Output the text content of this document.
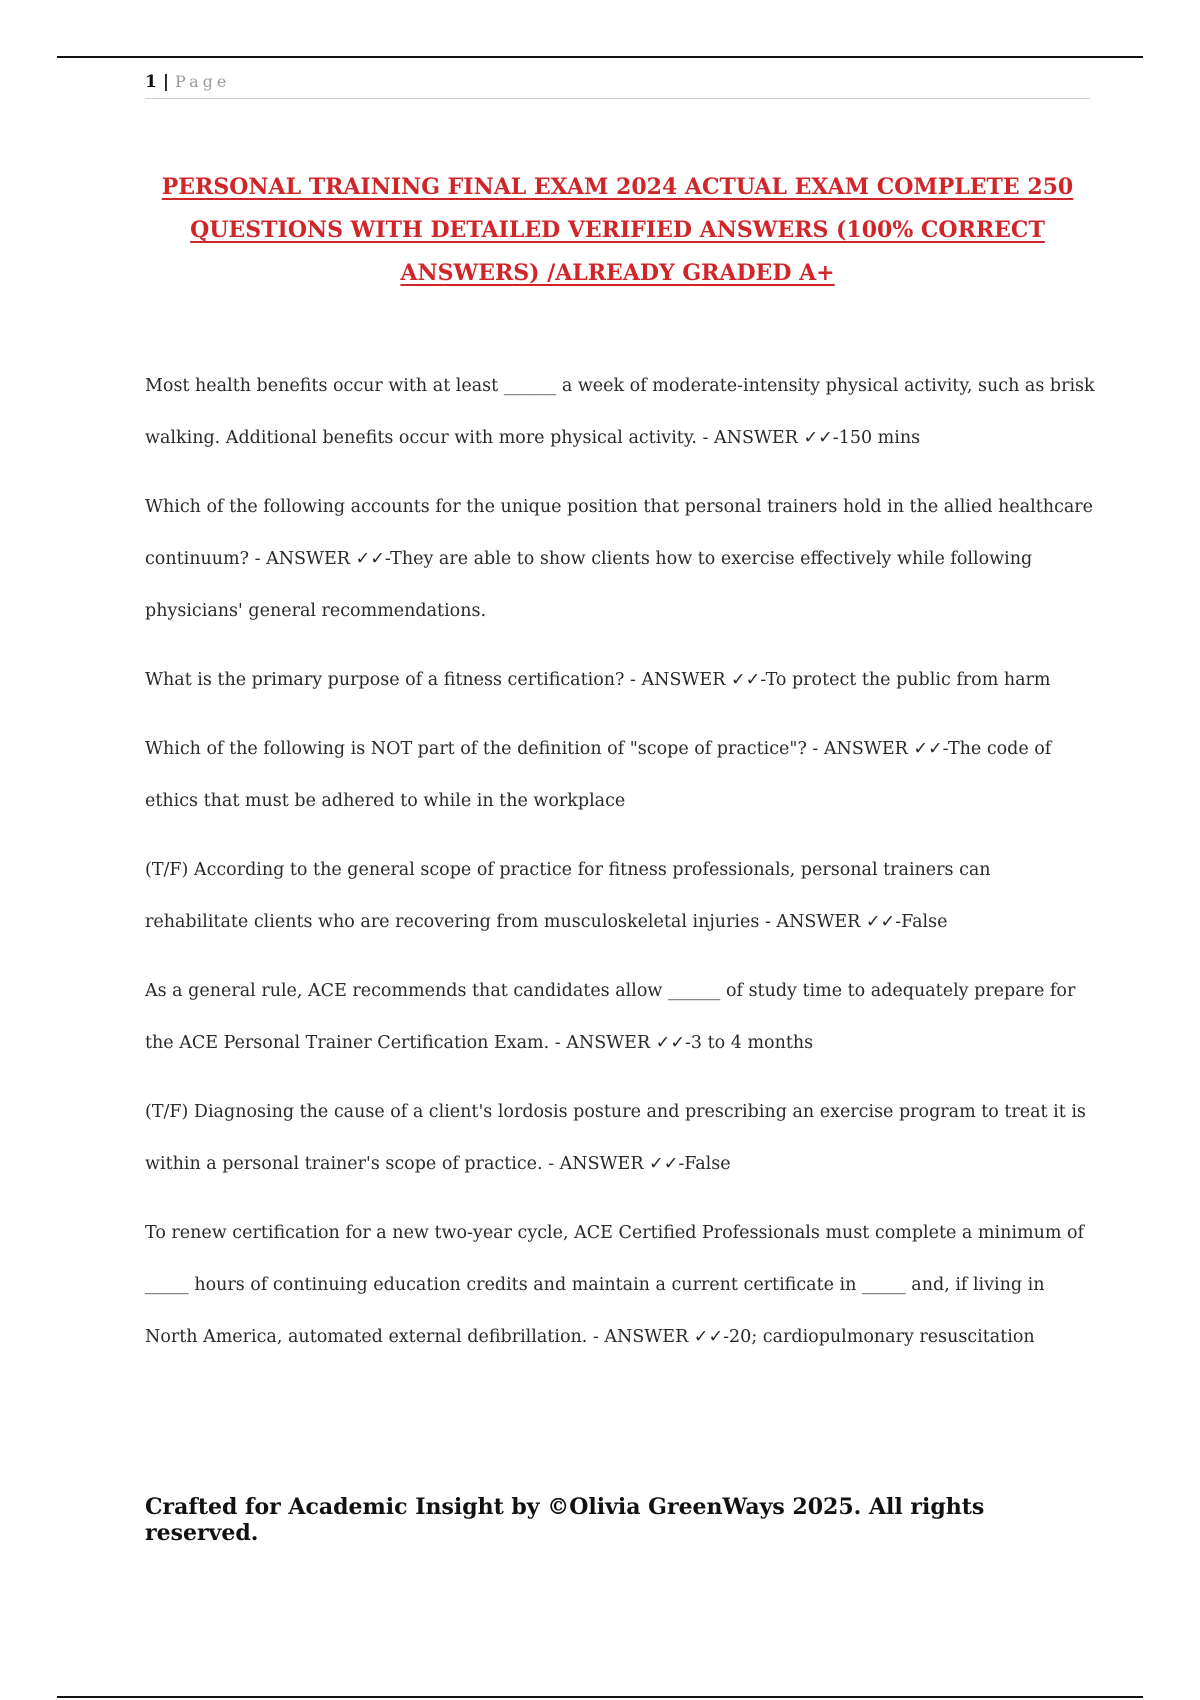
1 | Page
PERSONAL TRAINING FINAL EXAM 2024 ACTUAL EXAM COMPLETE 250 QUESTIONS WITH DETAILED VERIFIED ANSWERS (100% CORRECT ANSWERS) /ALREADY GRADED A+

Most health benefits occur with at least ______ a week of moderate-intensity physical activity, such as brisk walking. Additional benefits occur with more physical activity. - ANSWER ✓✓-150 mins

Which of the following accounts for the unique position that personal trainers hold in the allied healthcare continuum? - ANSWER ✓✓-They are able to show clients how to exercise effectively while following physicians' general recommendations.

What is the primary purpose of a fitness certification? - ANSWER ✓✓-To protect the public from harm

Which of the following is NOT part of the definition of "scope of practice"? - ANSWER ✓✓-The code of ethics that must be adhered to while in the workplace

(T/F) According to the general scope of practice for fitness professionals, personal trainers can rehabilitate clients who are recovering from musculoskeletal injuries - ANSWER ✓✓-False

As a general rule, ACE recommends that candidates allow ______ of study time to adequately prepare for the ACE Personal Trainer Certification Exam. - ANSWER ✓✓-3 to 4 months

(T/F) Diagnosing the cause of a client's lordosis posture and prescribing an exercise program to treat it is within a personal trainer's scope of practice. - ANSWER ✓✓-False

To renew certification for a new two-year cycle, ACE Certified Professionals must complete a minimum of _____ hours of continuing education credits and maintain a current certificate in _____ and, if living in North America, automated external defibrillation. - ANSWER ✓✓-20; cardiopulmonary resuscitation

Crafted for Academic Insight by ©Olivia GreenWays 2025. All rights reserved.
